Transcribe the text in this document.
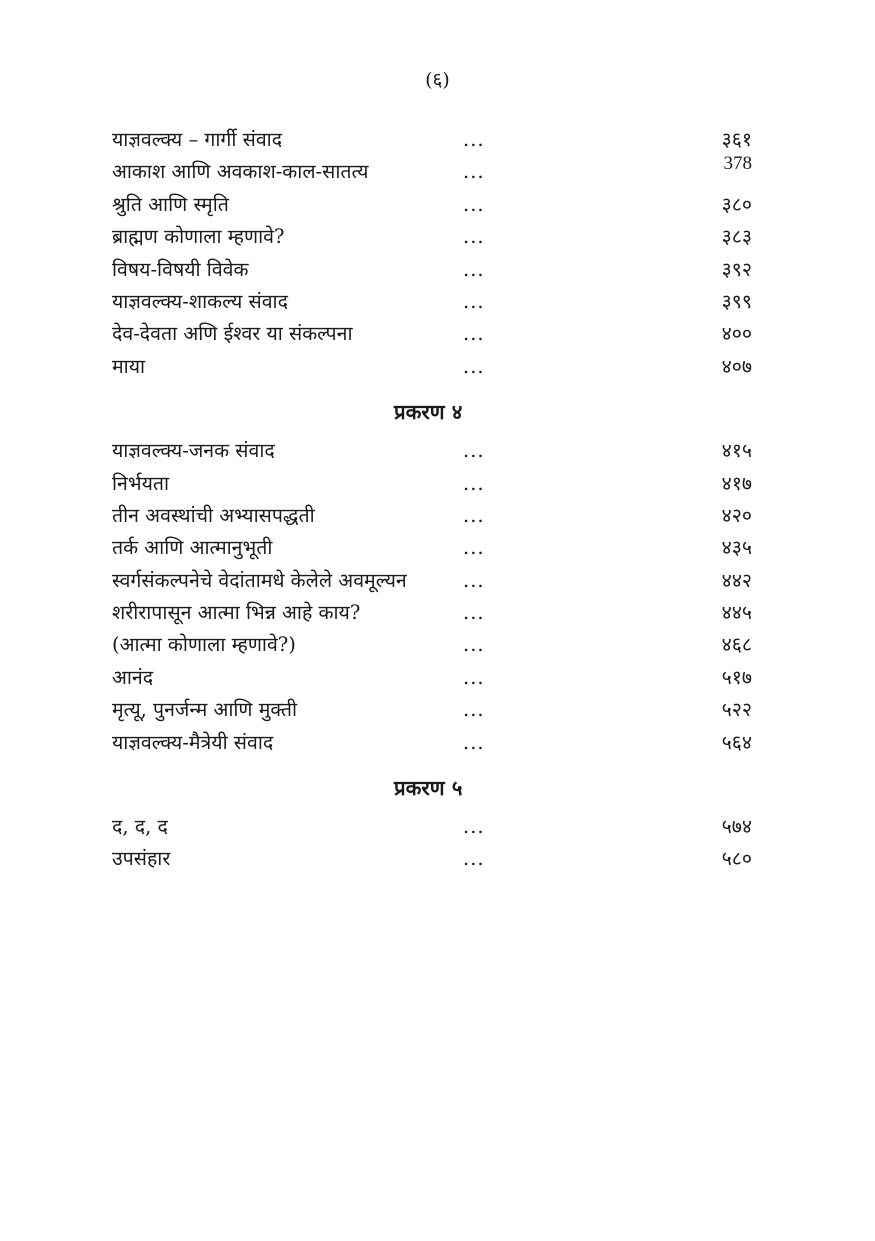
(६)
याज्ञवल्क्य – गार्गी संवाद	...	३६१
आकाश आणि अवकाश-काल-सातत्य	...	378
श्रुति आणि स्मृति	...	३८०
ब्राह्मण कोणाला म्हणावे?	...	३८३
विषय-विषयी विवेक	...	३९२
याज्ञवल्क्य-शाकल्य संवाद	...	३९९
देव-देवता अणि ईश्वर या संकल्पना	...	४००
माया	...	४०७
प्रकरण ४
याज्ञवल्क्य-जनक संवाद	...	४१५
निर्भयता	...	४१७
तीन अवस्थांची अभ्यासपद्धती	...	४२०
तर्क आणि आत्मानुभूती	...	४३५
स्वर्गसंकल्पनेचे वेदांतामधे केलेले अवमूल्यन	...	४४२
शरीरापासून आत्मा भिन्न आहे काय?	...	४४५
(आत्मा कोणाला म्हणावे?)	...	४६८
आनंद	...	५१७
मृत्यू, पुनर्जन्म आणि मुक्ती	...	५२२
याज्ञवल्क्य-मैत्रेयी संवाद	...	५६४
प्रकरण ५
द, द, द	...	५७४
उपसंहार	...	५८०
